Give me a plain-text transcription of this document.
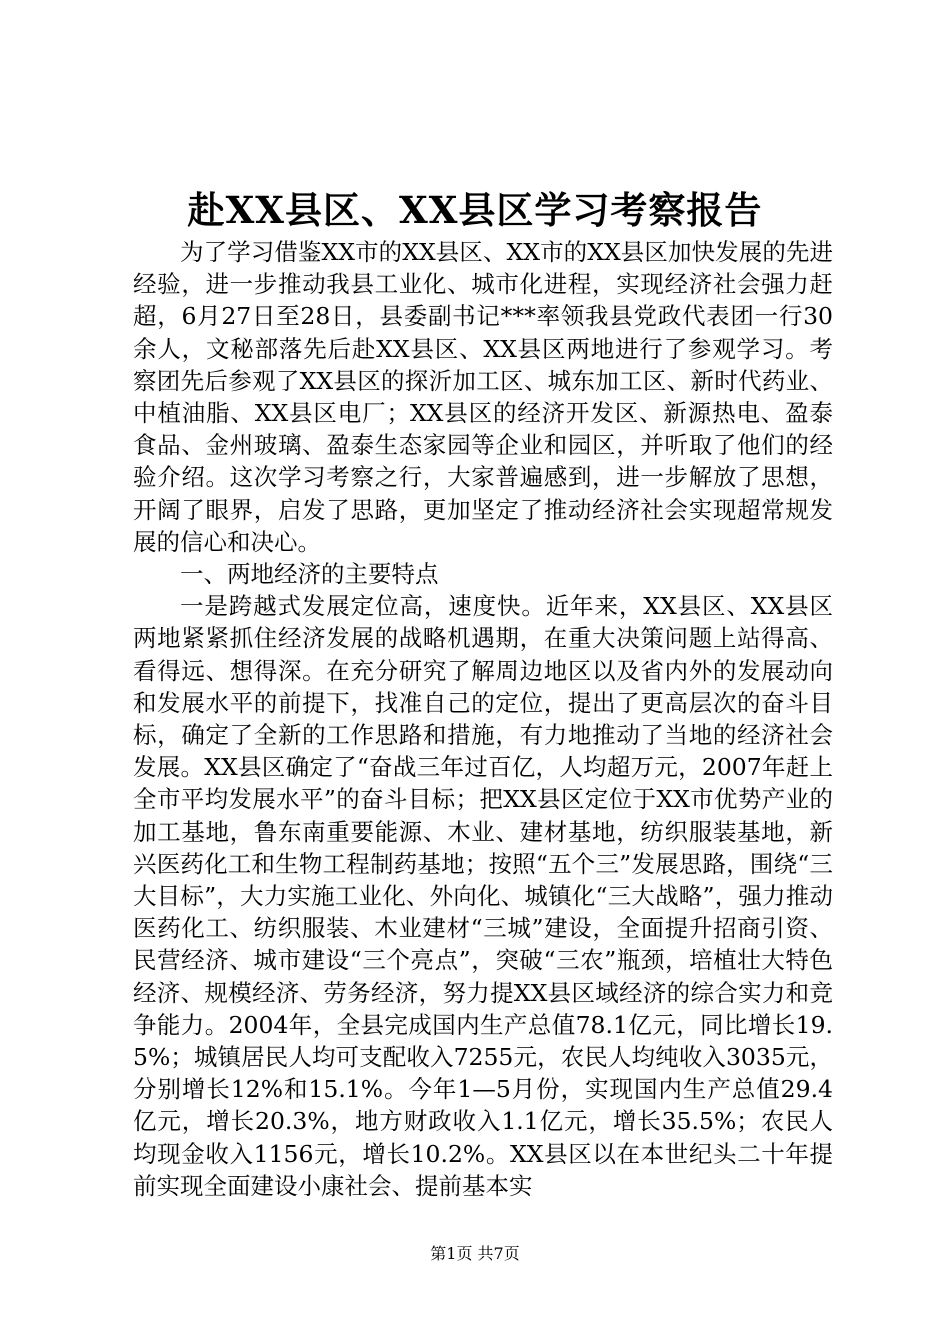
赴XX县区、XX县区学习考察报告

为了学习借鉴XX市的XX县区、XX市的XX县区加快发展的先进经验，进一步推动我县工业化、城市化进程，实现经济社会强力赶超，6月27日至28日，县委副书记***率领我县党政代表团一行30余人，文秘部落先后赴XX县区、XX县区两地进行了参观学习。考察团先后参观了XX县区的探沂加工区、城东加工区、新时代药业、中植油脂、XX县区电厂；XX县区的经济开发区、新源热电、盈泰食品、金州玻璃、盈泰生态家园等企业和园区，并听取了他们的经验介绍。这次学习考察之行，大家普遍感到，进一步解放了思想，开阔了眼界，启发了思路，更加坚定了推动经济社会实现超常规发展的信心和决心。

一、两地经济的主要特点

一是跨越式发展定位高，速度快。近年来，XX县区、XX县区两地紧紧抓住经济发展的战略机遇期，在重大决策问题上站得高、看得远、想得深。在充分研究了解周边地区以及省内外的发展动向和发展水平的前提下，找准自己的定位，提出了更高层次的奋斗目标，确定了全新的工作思路和措施，有力地推动了当地的经济社会发展。XX县区确定了“奋战三年过百亿，人均超万元，2007年赶上全市平均发展水平”的奋斗目标；把XX县区定位于XX市优势产业的加工基地，鲁东南重要能源、木业、建材基地，纺织服装基地，新兴医药化工和生物工程制药基地；按照“五个三”发展思路，围绕“三大目标”，大力实施工业化、外向化、城镇化“三大战略”，强力推动医药化工、纺织服装、木业建材“三城”建设，全面提升招商引资、民营经济、城市建设“三个亮点”，突破“三农”瓶颈，培植壮大特色经济、规模经济、劳务经济，努力提XX县区域经济的综合实力和竞争能力。2004年，全县完成国内生产总值78.1亿元，同比增长19.5%；城镇居民人均可支配收入7255元，农民人均纯收入3035元，分别增长12%和15.1%。今年1—5月份，实现国内生产总值29.4亿元，增长20.3%，地方财政收入1.1亿元，增长35.5%；农民人均现金收入1156元，增长10.2%。XX县区以在本世纪头二十年提前实现全面建设小康社会、提前基本实

第1页 共7页
